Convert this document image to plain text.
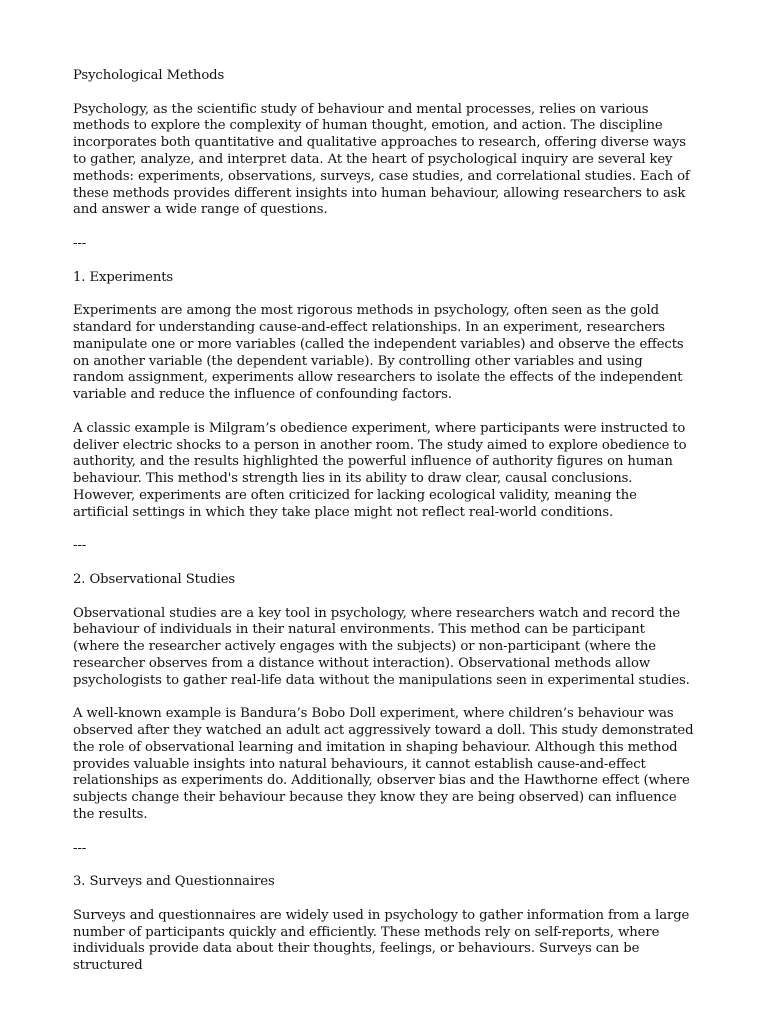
Psychological Methods

Psychology, as the scientific study of behaviour and mental processes, relies on various methods to explore the complexity of human thought, emotion, and action. The discipline incorporates both quantitative and qualitative approaches to research, offering diverse ways to gather, analyze, and interpret data. At the heart of psychological inquiry are several key methods: experiments, observations, surveys, case studies, and correlational studies. Each of these methods provides different insights into human behaviour, allowing researchers to ask and answer a wide range of questions.

---

1. Experiments

Experiments are among the most rigorous methods in psychology, often seen as the gold standard for understanding cause-and-effect relationships. In an experiment, researchers manipulate one or more variables (called the independent variables) and observe the effects on another variable (the dependent variable). By controlling other variables and using random assignment, experiments allow researchers to isolate the effects of the independent variable and reduce the influence of confounding factors.

A classic example is Milgram’s obedience experiment, where participants were instructed to deliver electric shocks to a person in another room. The study aimed to explore obedience to authority, and the results highlighted the powerful influence of authority figures on human behaviour. This method's strength lies in its ability to draw clear, causal conclusions. However, experiments are often criticized for lacking ecological validity, meaning the artificial settings in which they take place might not reflect real-world conditions.

---

2. Observational Studies

Observational studies are a key tool in psychology, where researchers watch and record the behaviour of individuals in their natural environments. This method can be participant (where the researcher actively engages with the subjects) or non-participant (where the researcher observes from a distance without interaction). Observational methods allow psychologists to gather real-life data without the manipulations seen in experimental studies.

A well-known example is Bandura’s Bobo Doll experiment, where children’s behaviour was observed after they watched an adult act aggressively toward a doll. This study demonstrated the role of observational learning and imitation in shaping behaviour. Although this method provides valuable insights into natural behaviours, it cannot establish cause-and-effect relationships as experiments do. Additionally, observer bias and the Hawthorne effect (where subjects change their behaviour because they know they are being observed) can influence the results.

---

3. Surveys and Questionnaires

Surveys and questionnaires are widely used in psychology to gather information from a large number of participants quickly and efficiently. These methods rely on self-reports, where individuals provide data about their thoughts, feelings, or behaviours. Surveys can be structured
